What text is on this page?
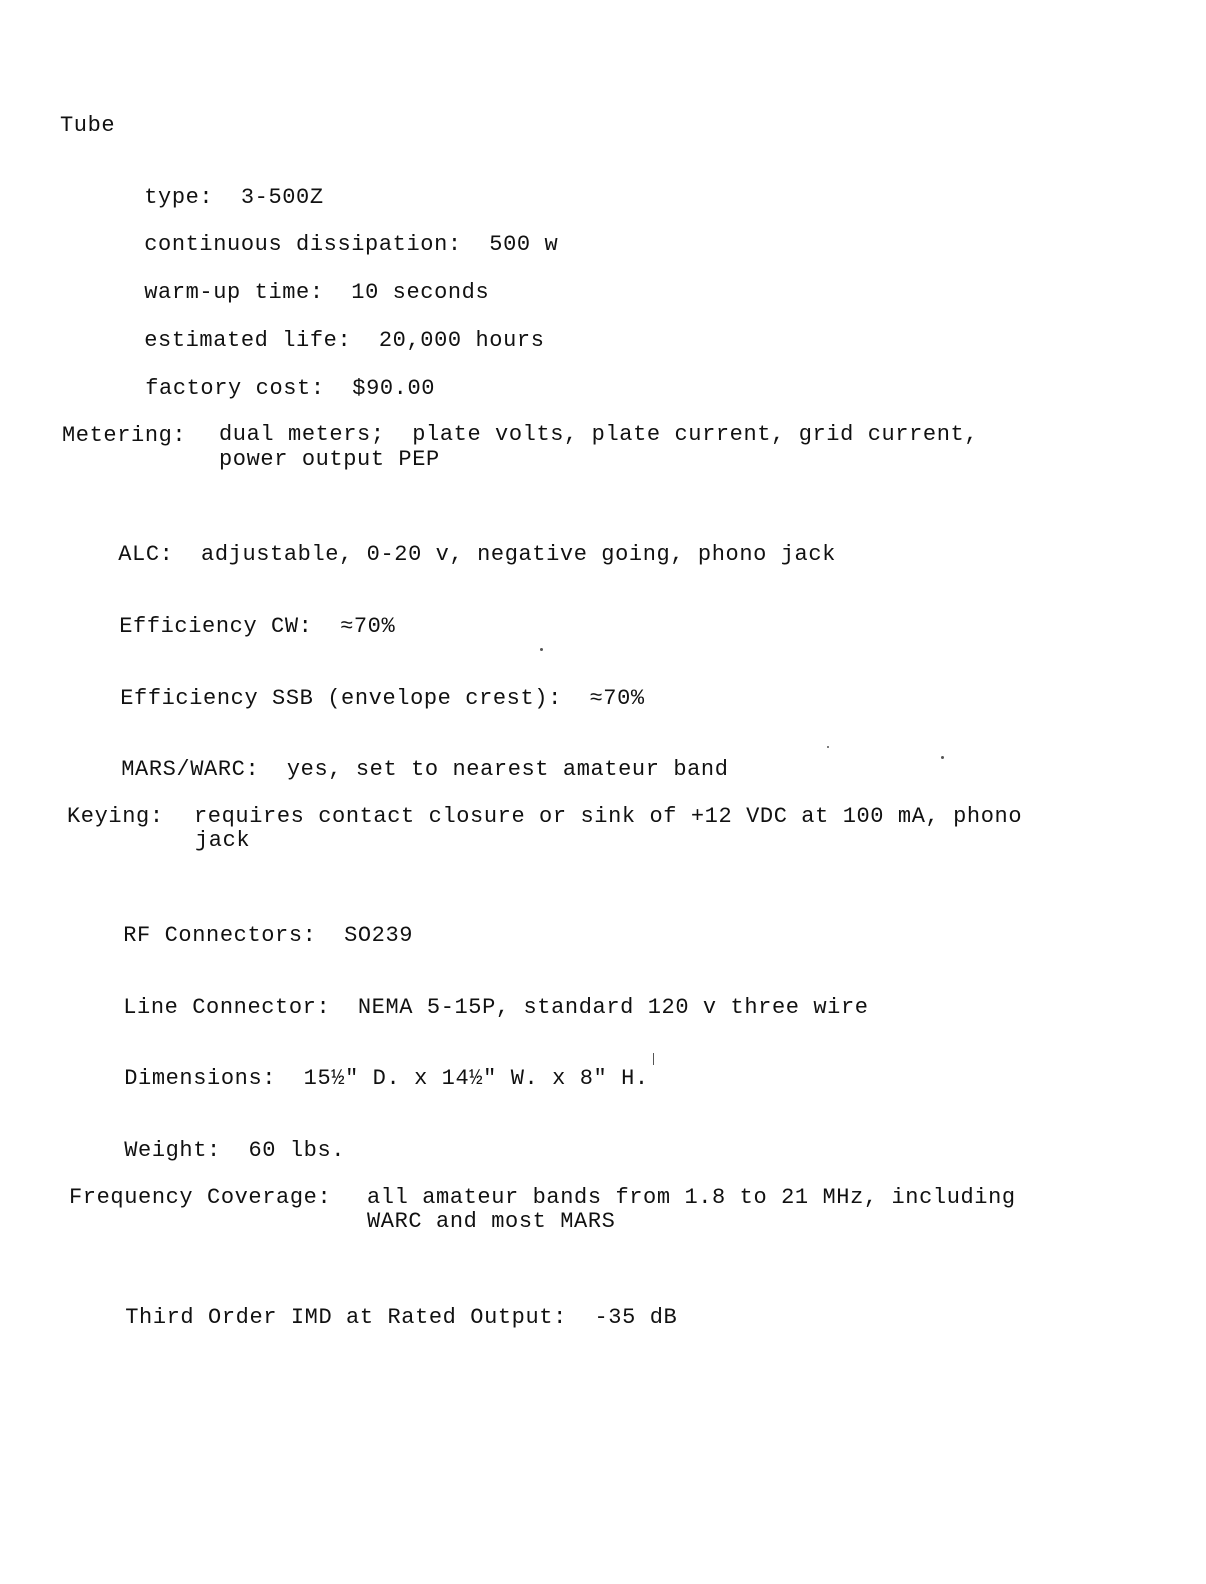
Tube

type: 3-500Z

continuous dissipation: 500 w

warm-up time: 10 seconds

estimated life: 20,000 hours

factory cost: $90.00

Metering: dual meters;  plate volts, plate current, grid current,
power output PEP

ALC: adjustable, 0-20 v, negative going, phono jack

Efficiency CW: ≈70%

Efficiency SSB (envelope crest): ≈70%

MARS/WARC: yes, set to nearest amateur band

Keying: requires contact closure or sink of +12 VDC at 100 mA, phono
jack

RF Connectors: SO239

Line Connector: NEMA 5-15P, standard 120 v three wire

Dimensions: 15½" D. x 14½" W. x 8" H.

Weight: 60 lbs.

Frequency Coverage: all amateur bands from 1.8 to 21 MHz, including
WARC and most MARS

Third Order IMD at Rated Output: -35 dB
